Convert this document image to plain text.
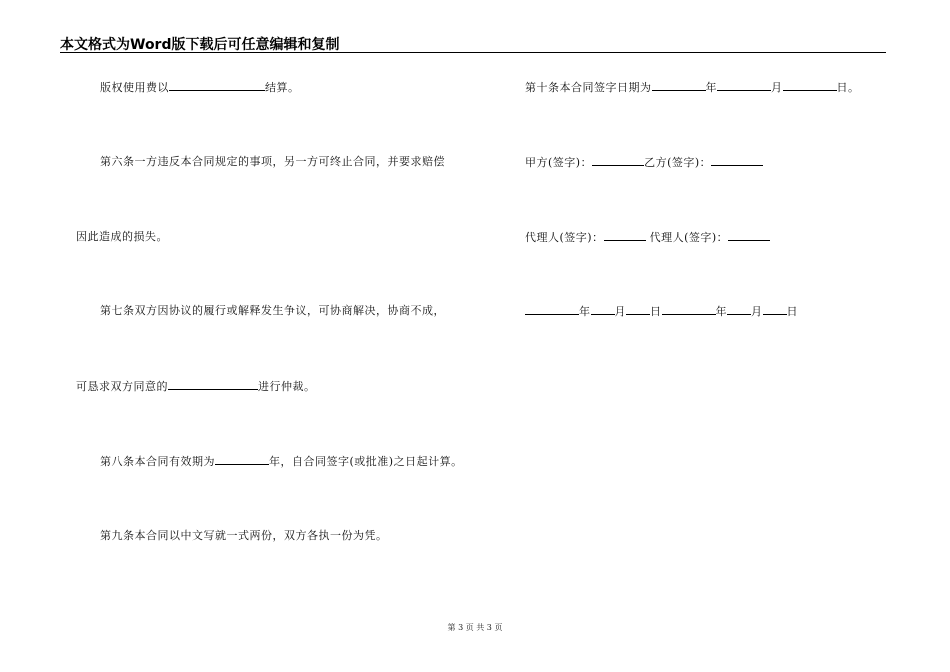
本文格式为Word版下载后可任意编辑和复制
版权使用费以	结算。
第六条一方违反本合同规定的事项，另一方可终止合同，并要求赔偿
因此造成的损失。
第七条双方因协议的履行或解释发生争议，可协商解决，协商不成，
可恳求双方同意的	进行仲裁。
第八条本合同有效期为	年，自合同签字(或批准)之日起计算。
第九条本合同以中文写就一式两份，双方各执一份为凭。
第十条本合同签字日期为	年	月	日。
甲方(签字)：	乙方(签字)：
代理人(签字)：	代理人(签字)：
年 月 日	年 月 日
第 3 页 共 3 页
